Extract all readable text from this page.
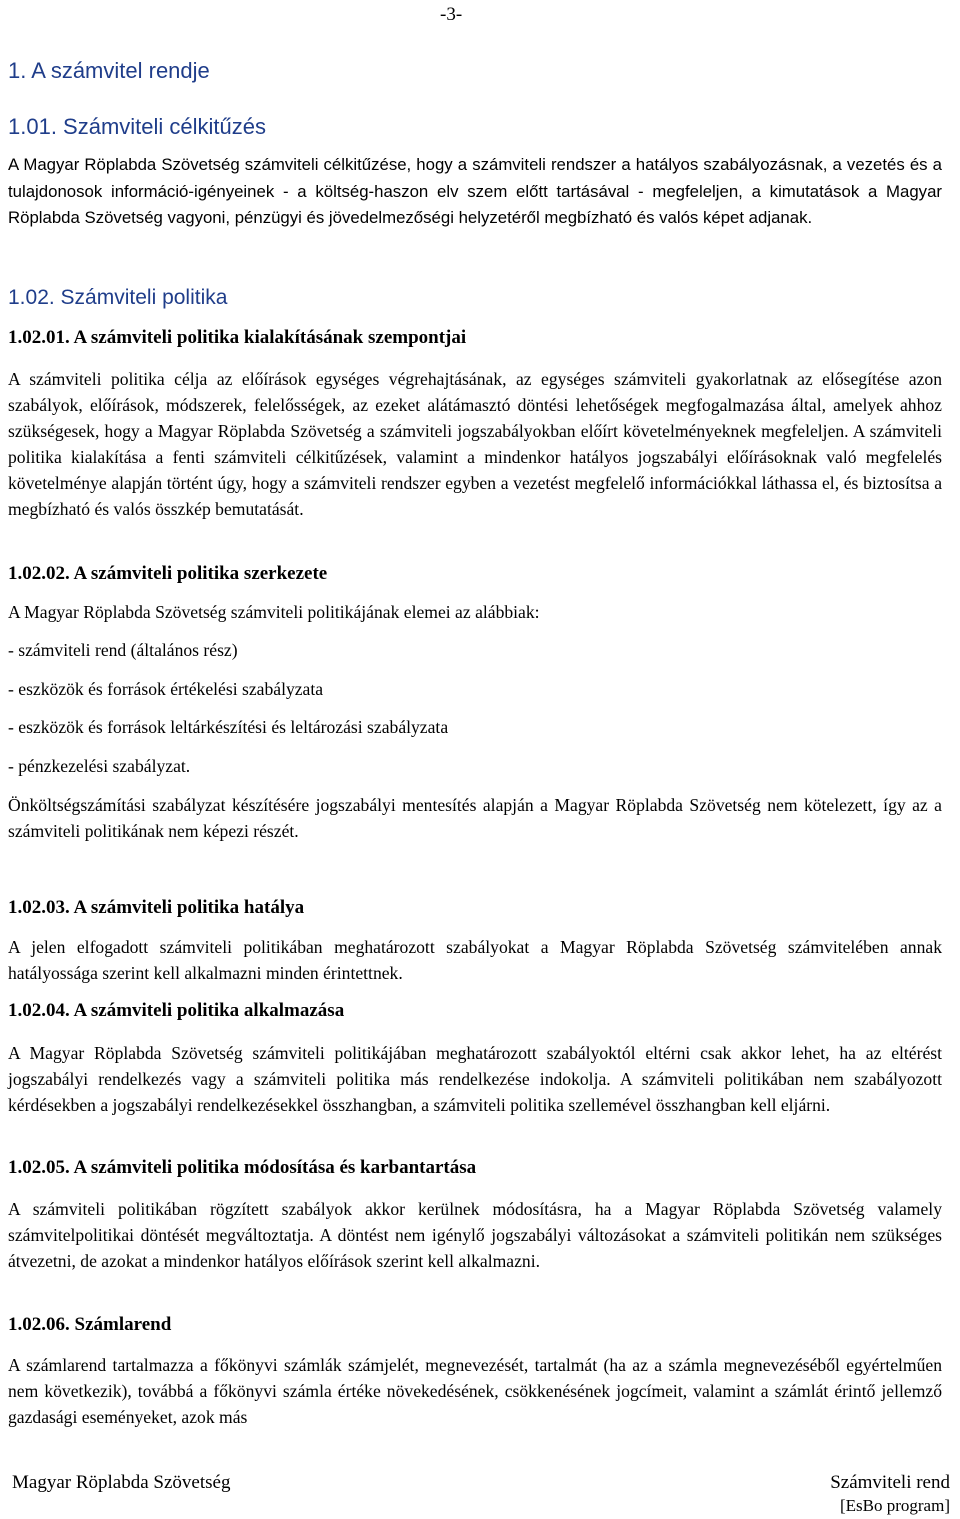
-3-
1. A számvitel rendje
1.01. Számviteli célkitűzés
A Magyar Röplabda Szövetség számviteli célkitűzése, hogy a számviteli rendszer a hatályos szabályozásnak, a vezetés és a tulajdonosok információ-igényeinek - a költség-haszon elv szem előtt tartásával - megfeleljen, a kimutatások a Magyar Röplabda Szövetség vagyoni, pénzügyi és jövedelmezőségi helyzetéről megbízható és valós képet adjanak.
1.02. Számviteli politika
1.02.01. A számviteli politika kialakításának szempontjai
A számviteli politika célja az előírások egységes végrehajtásának, az egységes számviteli gyakorlatnak az elősegítése azon szabályok, előírások, módszerek, felelősségek, az ezeket alátámasztó döntési lehetőségek megfogalmazása által, amelyek ahhoz szükségesek, hogy a Magyar Röplabda Szövetség a számviteli jogszabályokban előírt követelményeknek megfeleljen. A számviteli politika kialakítása a fenti számviteli célkitűzések, valamint a mindenkor hatályos jogszabályi előírásoknak való megfelelés követelménye alapján történt úgy, hogy a számviteli rendszer egyben a vezetést megfelelő információkkal láthassa el, és biztosítsa a megbízható és valós összkép bemutatását.
1.02.02. A számviteli politika szerkezete
A Magyar Röplabda Szövetség számviteli politikájának elemei az alábbiak:
- számviteli rend (általános rész)
- eszközök és források értékelési szabályzata
- eszközök és források leltárkészítési és leltározási szabályzata
- pénzkezelési szabályzat.
Önköltségszámítási szabályzat készítésére jogszabályi mentesítés alapján a Magyar Röplabda Szövetség nem kötelezett, így az a számviteli politikának nem képezi részét.
1.02.03. A számviteli politika hatálya
A jelen elfogadott számviteli politikában meghatározott szabályokat a Magyar Röplabda Szövetség számvitelében annak hatályossága szerint kell alkalmazni minden érintettnek.
1.02.04. A számviteli politika alkalmazása
A Magyar Röplabda Szövetség számviteli politikájában meghatározott szabályoktól eltérni csak akkor lehet, ha az eltérést jogszabályi rendelkezés vagy a számviteli politika más rendelkezése indokolja. A számviteli politikában nem szabályozott kérdésekben a jogszabályi rendelkezésekkel összhangban, a számviteli politika szellemével összhangban kell eljárni.
1.02.05. A számviteli politika módosítása és karbantartása
A számviteli politikában rögzített szabályok akkor kerülnek módosításra, ha a Magyar Röplabda Szövetség valamely számvitelpolitikai döntését megváltoztatja. A döntést nem igénylő jogszabályi változásokat a számviteli politikán nem szükséges átvezetni, de azokat a mindenkor hatályos előírások szerint kell alkalmazni.
1.02.06. Számlarend
A számlarend tartalmazza a főkönyvi számlák számjelét, megnevezését, tartalmát (ha az a számla megnevezéséből egyértelműen nem következik), továbbá a főkönyvi számla értéke növekedésének, csökkenésének jogcímeit, valamint a számlát érintő jellemző gazdasági eseményeket, azok más
Magyar Röplabda Szövetség	Számviteli rend
[EsBo program]
